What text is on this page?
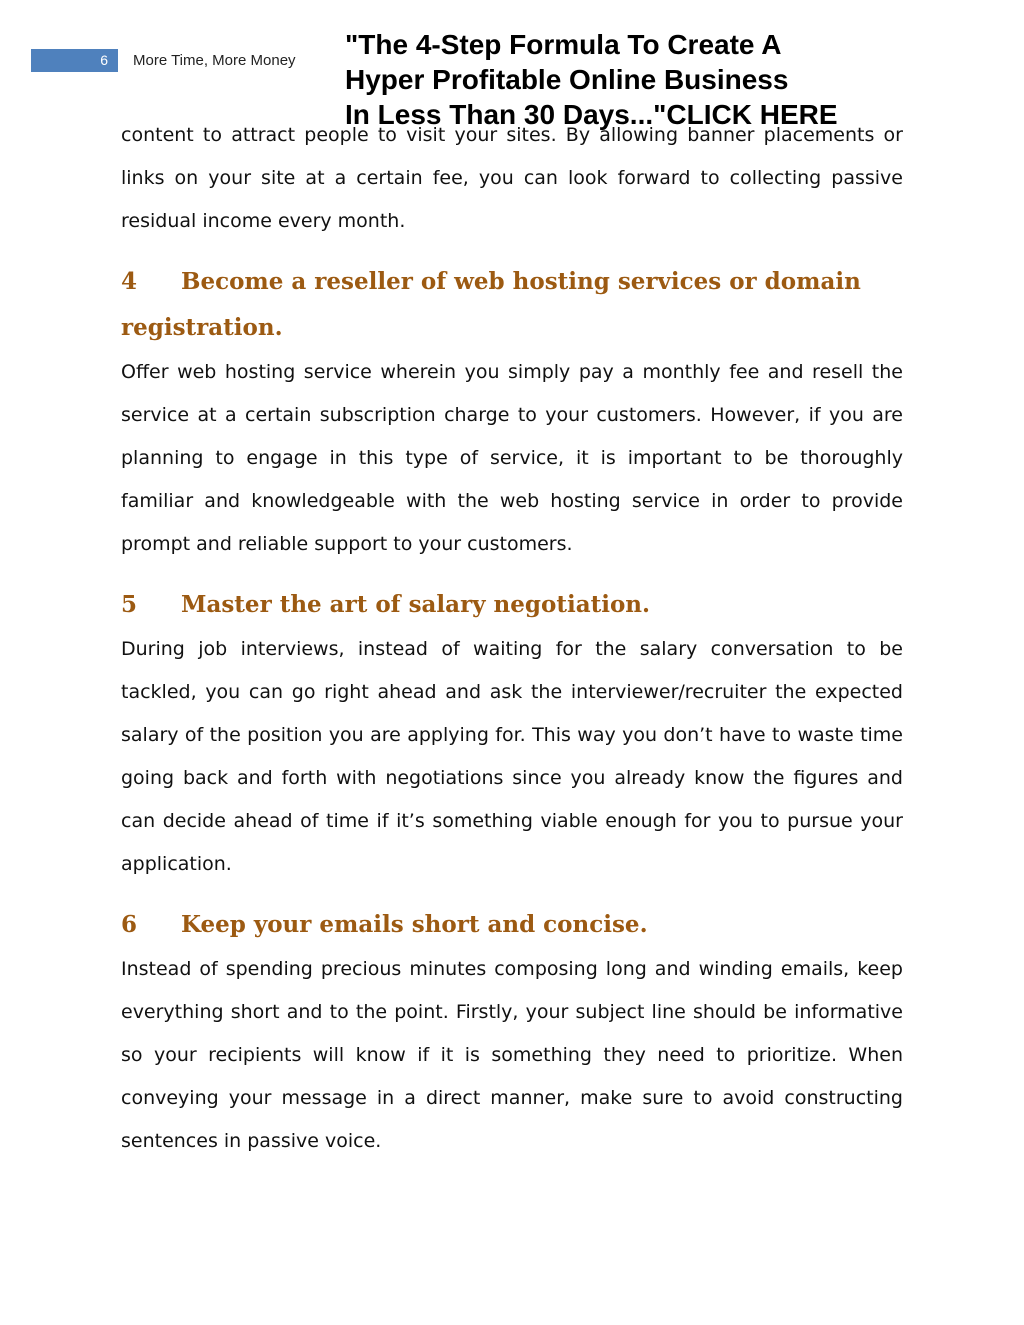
6	More Time, More Money
"The 4-Step Formula To Create A
Hyper Profitable Online Business
In Less Than 30 Days..."CLICK HERE

content to attract people to visit your sites. By allowing banner placements or links on your site at a certain fee, you can look forward to collecting passive residual income every month.

4 Become a reseller of web hosting services or domain registration.

Offer web hosting service wherein you simply pay a monthly fee and resell the service at a certain subscription charge to your customers. However, if you are planning to engage in this type of service, it is important to be thoroughly familiar and knowledgeable with the web hosting service in order to provide prompt and reliable support to your customers.

5 Master the art of salary negotiation.

During job interviews, instead of waiting for the salary conversation to be tackled, you can go right ahead and ask the interviewer/recruiter the expected salary of the position you are applying for. This way you don’t have to waste time going back and forth with negotiations since you already know the figures and can decide ahead of time if it’s something viable enough for you to pursue your application.

6 Keep your emails short and concise.

Instead of spending precious minutes composing long and winding emails, keep everything short and to the point. Firstly, your subject line should be informative so your recipients will know if it is something they need to prioritize. When conveying your message in a direct manner, make sure to avoid constructing sentences in passive voice.
